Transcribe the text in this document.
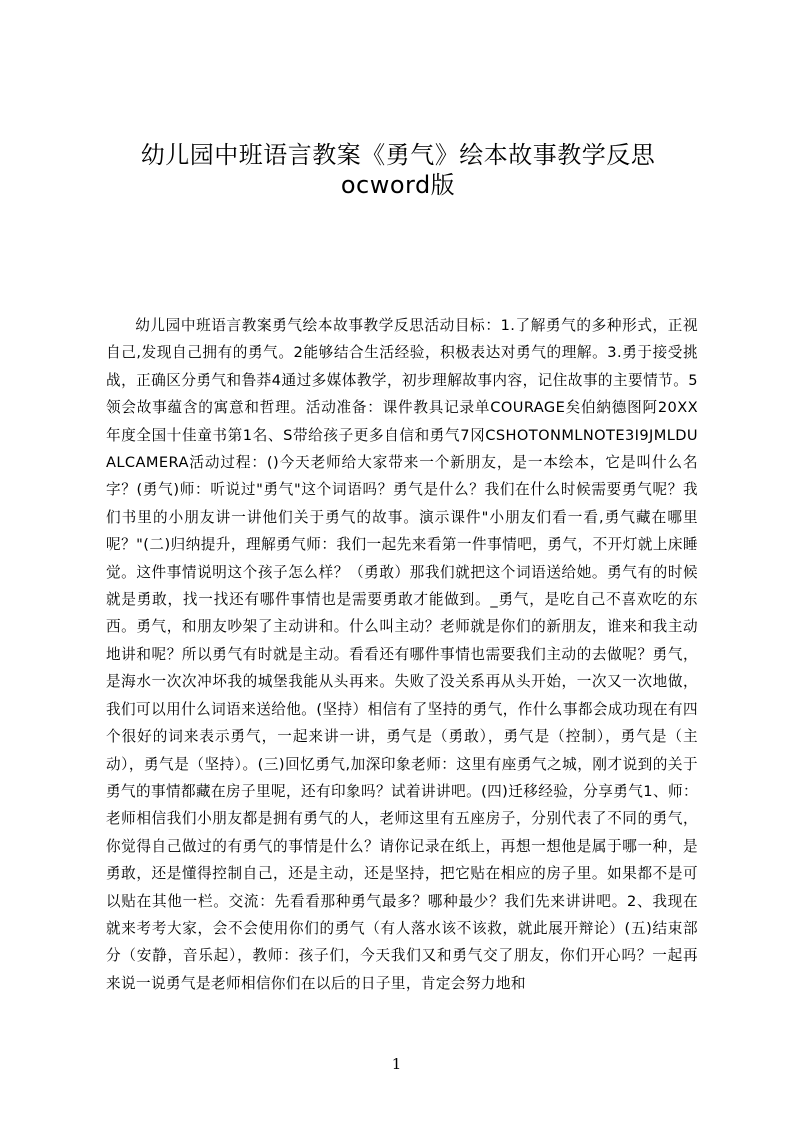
幼儿园中班语言教案《勇气》绘本故事教学反思ocword版

幼儿园中班语言教案勇气绘本故事教学反思活动目标：1.了解勇气的多种形式，正视自己,发现自己拥有的勇气。2能够结合生活经验，积极表达对勇气的理解。3.勇于接受挑战，正确区分勇气和鲁莽4通过多媒体教学，初步理解故事内容，记住故事的主要情节。5领会故事蕴含的寓意和哲理。活动准备：课件教具记录单COURAGE矣伯納德图阿20XX年度全国十佳童书第1名、S带给孩子更多自信和勇气7冈CSHOTONMLNOTE3I9JMLDUALCAMERA活动过程：()今天老师给大家带来一个新朋友，是一本绘本，它是叫什么名字？(勇气)师：听说过"勇气"这个词语吗？勇气是什么？我们在什么时候需要勇气呢？我们书里的小朋友讲一讲他们关于勇气的故事。演示课件"小朋友们看一看,勇气藏在哪里呢？"(二)归纳提升，理解勇气师：我们一起先来看第一件事情吧，勇气，不开灯就上床睡觉。这件事情说明这个孩子怎么样？（勇敢）那我们就把这个词语送给她。勇气有的时候就是勇敢，找一找还有哪件事情也是需要勇敢才能做到。_勇气，是吃自己不喜欢吃的东西。勇气，和朋友吵架了主动讲和。什么叫主动？老师就是你们的新朋友，谁来和我主动地讲和呢？所以勇气有时就是主动。看看还有哪件事情也需要我们主动的去做呢？勇气，是海水一次次冲坏我的城堡我能从头再来。失败了没关系再从头开始，一次又一次地做，我们可以用什么词语来送给他。(坚持）相信有了坚持的勇气，作什么事都会成功现在有四个很好的词来表示勇气，一起来讲一讲，勇气是（勇敢），勇气是（控制），勇气是（主动），勇气是（坚持）。(三)回忆勇气,加深印象老师：这里有座勇气之城，刚才说到的关于勇气的事情都藏在房子里呢，还有印象吗？试着讲讲吧。(四)迁移经验，分享勇气1、师：老师相信我们小朋友都是拥有勇气的人，老师这里有五座房子，分别代表了不同的勇气，你觉得自己做过的有勇气的事情是什么？请你记录在纸上，再想一想他是属于哪一种，是勇敢，还是懂得控制自己，还是主动，还是坚持，把它贴在相应的房子里。如果都不是可以贴在其他一栏。交流：先看看那种勇气最多？哪种最少？我们先来讲讲吧。2、我现在就来考考大家，会不会使用你们的勇气（有人落水该不该救，就此展开辩论）(五)结束部分（安静，音乐起），教师：孩子们，今天我们又和勇气交了朋友，你们开心吗？一起再来说一说勇气是老师相信你们在以后的日子里，肯定会努力地和

1
